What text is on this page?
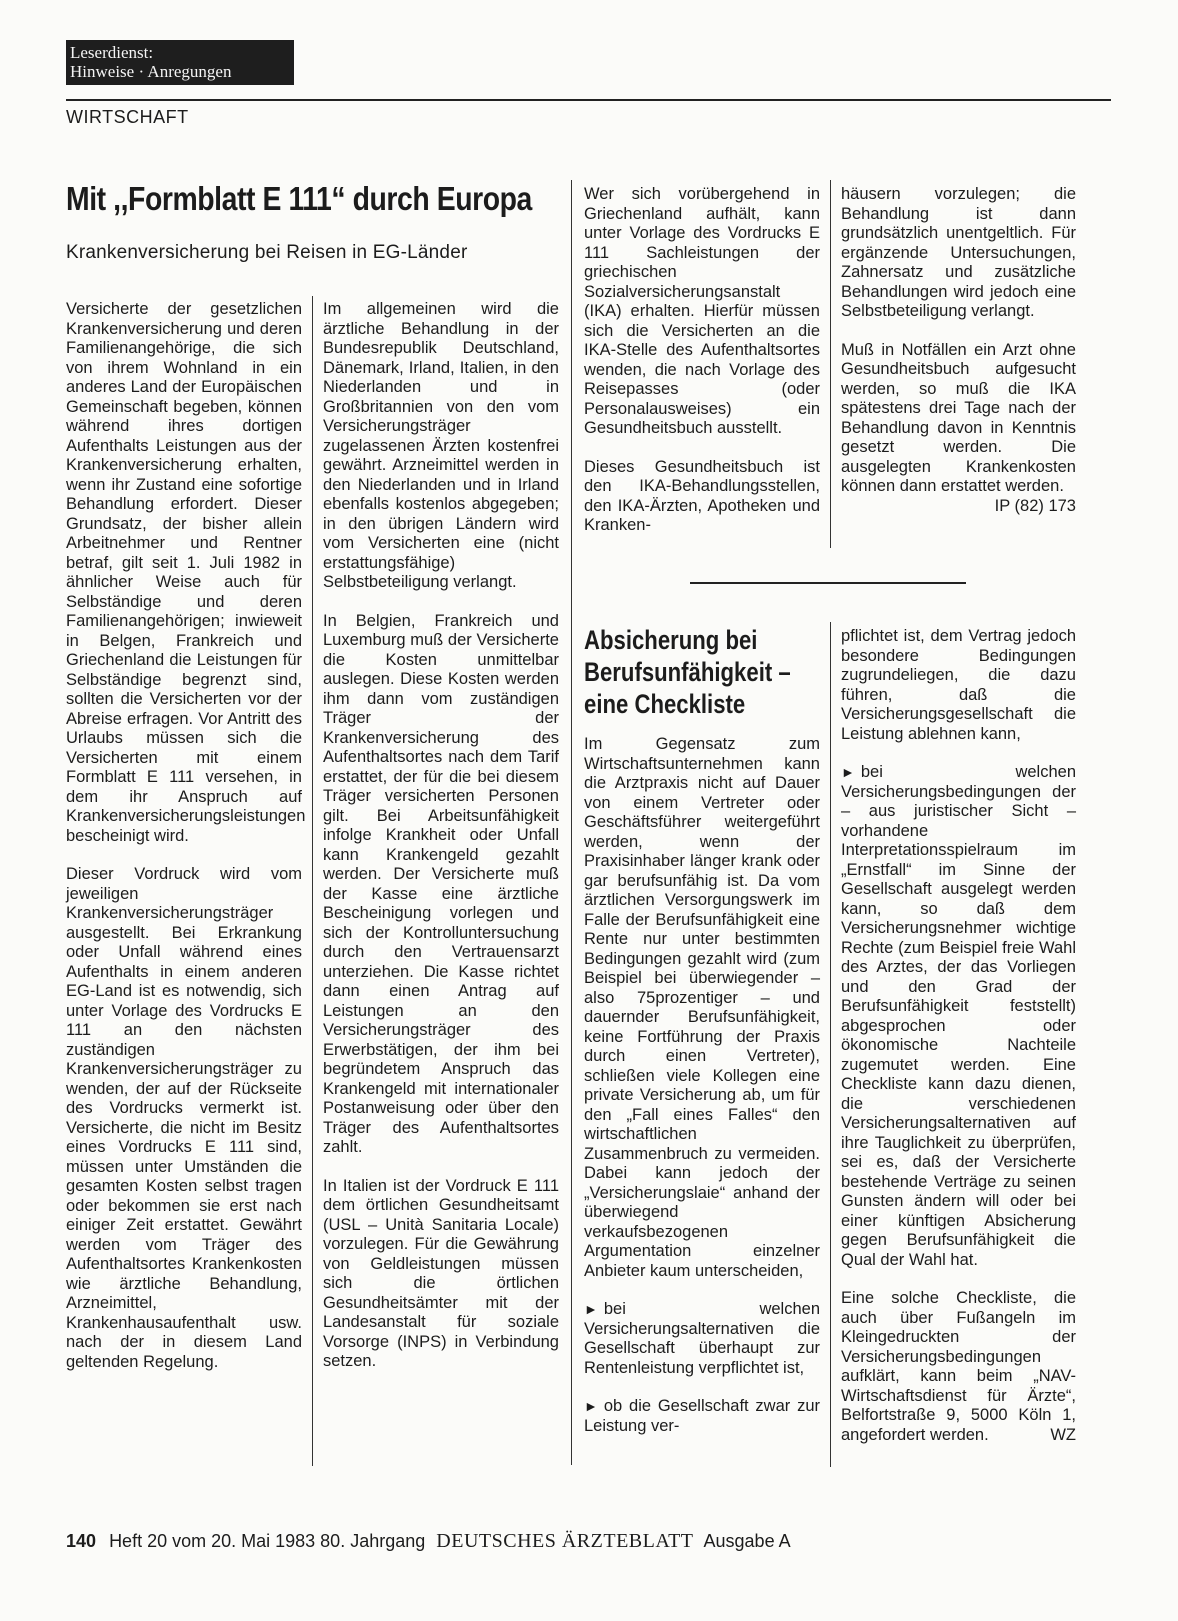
Leserdienst:
Hinweise · Anregungen
WIRTSCHAFT
Mit ,,Formblatt E 111“ durch Europa
Krankenversicherung bei Reisen in EG-Länder

Versicherte der gesetzlichen Krankenversicherung und deren Familienangehörige, die sich von ihrem Wohnland in ein anderes Land der Europäischen Gemeinschaft begeben, können während ihres dortigen Aufenthalts Leistungen aus der Krankenversicherung erhalten, wenn ihr Zustand eine sofortige Behandlung erfordert. Dieser Grundsatz, der bisher allein Arbeitnehmer und Rentner betraf, gilt seit 1. Juli 1982 in ähnlicher Weise auch für Selbständige und deren Familienangehörigen; inwieweit in Belgen, Frankreich und Griechenland die Leistungen für Selbständige begrenzt sind, sollten die Versicherten vor der Abreise erfragen. Vor Antritt des Urlaubs müssen sich die Versicherten mit einem Formblatt E 111 versehen, in dem ihr Anspruch auf Krankenversicherungsleistungen bescheinigt wird.

Dieser Vordruck wird vom jeweiligen Krankenversicherungsträger ausgestellt. Bei Erkrankung oder Unfall während eines Aufenthalts in einem anderen EG-Land ist es notwendig, sich unter Vorlage des Vordrucks E 111 an den nächsten zuständigen Krankenversicherungsträger zu wenden, der auf der Rückseite des Vordrucks vermerkt ist. Versicherte, die nicht im Besitz eines Vordrucks E 111 sind, müssen unter Umständen die gesamten Kosten selbst tragen oder bekommen sie erst nach einiger Zeit erstattet. Gewährt werden vom Träger des Aufenthaltsortes Krankenkosten wie ärztliche Behandlung, Arzneimittel, Krankenhausaufenthalt usw. nach der in diesem Land geltenden Regelung.

Im allgemeinen wird die ärztliche Behandlung in der Bundesrepublik Deutschland, Dänemark, Irland, Italien, in den Niederlanden und in Großbritannien von den vom Versicherungsträger zugelassenen Ärzten kostenfrei gewährt. Arzneimittel werden in den Niederlanden und in Irland ebenfalls kostenlos abgegeben; in den übrigen Ländern wird vom Versicherten eine (nicht erstattungsfähige) Selbstbeteiligung verlangt.

In Belgien, Frankreich und Luxemburg muß der Versicherte die Kosten unmittelbar auslegen. Diese Kosten werden ihm dann vom zuständigen Träger der Krankenversicherung des Aufenthaltsortes nach dem Tarif erstattet, der für die bei diesem Träger versicherten Personen gilt. Bei Arbeitsunfähigkeit infolge Krankheit oder Unfall kann Krankengeld gezahlt werden. Der Versicherte muß der Kasse eine ärztliche Bescheinigung vorlegen und sich der Kontrolluntersuchung durch den Vertrauensarzt unterziehen. Die Kasse richtet dann einen Antrag auf Leistungen an den Versicherungsträger des Erwerbstätigen, der ihm bei begründetem Anspruch das Krankengeld mit internationaler Postanweisung oder über den Träger des Aufenthaltsortes zahlt.

In Italien ist der Vordruck E 111 dem örtlichen Gesundheitsamt (USL – Unità Sanitaria Locale) vorzulegen. Für die Gewährung von Geldleistungen müssen sich die örtlichen Gesundheitsämter mit der Landesanstalt für soziale Vorsorge (INPS) in Verbindung setzen.

Wer sich vorübergehend in Griechenland aufhält, kann unter Vorlage des Vordrucks E 111 Sachleistungen der griechischen Sozialversicherungsanstalt (IKA) erhalten. Hierfür müssen sich die Versicherten an die IKA-Stelle des Aufenthaltsortes wenden, die nach Vorlage des Reisepasses (oder Personalausweises) ein Gesundheitsbuch ausstellt.

Dieses Gesundheitsbuch ist den IKA-Behandlungsstellen, den IKA-Ärzten, Apotheken und Kranken-

häusern vorzulegen; die Behandlung ist dann grundsätzlich unentgeltlich. Für ergänzende Untersuchungen, Zahnersatz und zusätzliche Behandlungen wird jedoch eine Selbstbeteiligung verlangt.

Muß in Notfällen ein Arzt ohne Gesundheitsbuch aufgesucht werden, so muß die IKA spätestens drei Tage nach der Behandlung davon in Kenntnis gesetzt werden. Die ausgelegten Krankenkosten können dann erstattet werden.
IP (82) 173

Absicherung bei Berufsunfähigkeit – eine Checkliste

Im Gegensatz zum Wirtschaftsunternehmen kann die Arztpraxis nicht auf Dauer von einem Vertreter oder Geschäftsführer weitergeführt werden, wenn der Praxisinhaber länger krank oder gar berufsunfähig ist. Da vom ärztlichen Versorgungswerk im Falle der Berufsunfähigkeit eine Rente nur unter bestimmten Bedingungen gezahlt wird (zum Beispiel bei überwiegender – also 75prozentiger – und dauernder Berufsunfähigkeit, keine Fortführung der Praxis durch einen Vertreter), schließen viele Kollegen eine private Versicherung ab, um für den „Fall eines Falles“ den wirtschaftlichen Zusammenbruch zu vermeiden. Dabei kann jedoch der „Versicherungslaie“ anhand der überwiegend verkaufsbezogenen Argumentation einzelner Anbieter kaum unterscheiden,

► bei welchen Versicherungsalternativen die Gesellschaft überhaupt zur Rentenleistung verpflichtet ist,

► ob die Gesellschaft zwar zur Leistung ver-

pflichtet ist, dem Vertrag jedoch besondere Bedingungen zugrundeliegen, die dazu führen, daß die Versicherungsgesellschaft die Leistung ablehnen kann,

► bei welchen Versicherungsbedingungen der – aus juristischer Sicht – vorhandene Interpretationsspielraum im „Ernstfall“ im Sinne der Gesellschaft ausgelegt werden kann, so daß dem Versicherungsnehmer wichtige Rechte (zum Beispiel freie Wahl des Arztes, der das Vorliegen und den Grad der Berufsunfähigkeit feststellt) abgesprochen oder ökonomische Nachteile zugemutet werden. Eine Checkliste kann dazu dienen, die verschiedenen Versicherungsalternativen auf ihre Tauglichkeit zu überprüfen, sei es, daß der Versicherte bestehende Verträge zu seinen Gunsten ändern will oder bei einer künftigen Absicherung gegen Berufsunfähigkeit die Qual der Wahl hat.

Eine solche Checkliste, die auch über Fußangeln im Kleingedruckten der Versicherungsbedingungen aufklärt, kann beim „NAV-Wirtschaftsdienst für Ärzte“, Belfortstraße 9, 5000 Köln 1, angefordert werden.	WZ

140 Heft 20 vom 20. Mai 1983 80. Jahrgang DEUTSCHES ÄRZTEBLATT Ausgabe A
